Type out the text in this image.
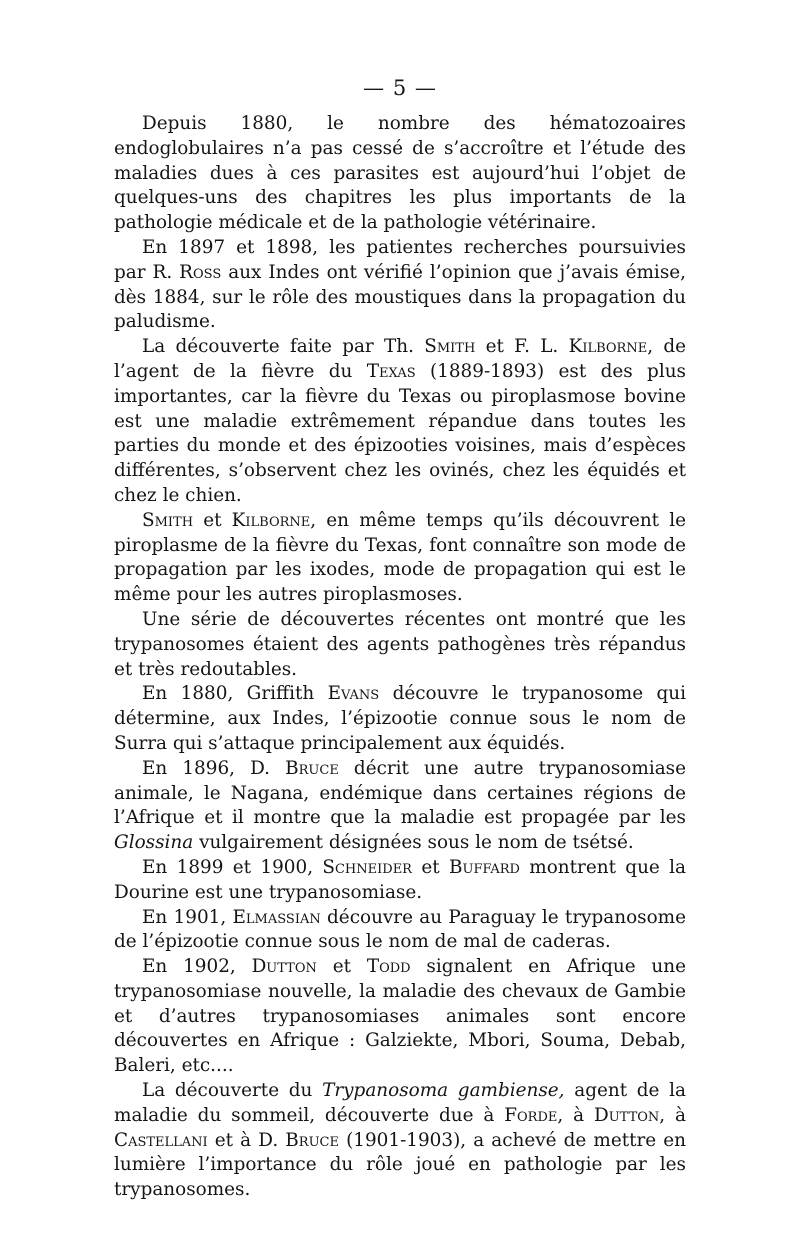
— 5 —

Depuis 1880, le nombre des hématozoaires endoglobulaires n’a pas cessé de s’accroître et l’étude des maladies dues à ces parasites est aujourd’hui l’objet de quelques-uns des chapitres les plus importants de la pathologie médicale et de la pathologie vétérinaire.

En 1897 et 1898, les patientes recherches poursuivies par R. Ross aux Indes ont vérifié l’opinion que j’avais émise, dès 1884, sur le rôle des moustiques dans la propagation du paludisme.

La découverte faite par Th. Smith et F. L. Kilborne, de l’agent de la fièvre du Texas (1889-1893) est des plus importantes, car la fièvre du Texas ou piroplasmose bovine est une maladie extrêmement répandue dans toutes les parties du monde et des épizooties voisines, mais d’espèces différentes, s’observent chez les ovinés, chez les équidés et chez le chien.

Smith et Kilborne, en même temps qu’ils découvrent le piroplasme de la fièvre du Texas, font connaître son mode de propagation par les ixodes, mode de propagation qui est le même pour les autres piroplasmoses.

Une série de découvertes récentes ont montré que les trypanosomes étaient des agents pathogènes très répandus et très redoutables.

En 1880, Griffith Evans découvre le trypanosome qui détermine, aux Indes, l’épizootie connue sous le nom de Surra qui s’attaque principalement aux équidés.

En 1896, D. Bruce décrit une autre trypanosomiase animale, le Nagana, endémique dans certaines régions de l’Afrique et il montre que la maladie est propagée par les Glossina vulgairement désignées sous le nom de tsétsé.

En 1899 et 1900, Schneider et Buffard montrent que la Dourine est une trypanosomiase.

En 1901, Elmassian découvre au Paraguay le trypanosome de l’épizootie connue sous le nom de mal de caderas.

En 1902, Dutton et Todd signalent en Afrique une trypanosomiase nouvelle, la maladie des chevaux de Gambie et d’autres trypanosomiases animales sont encore découvertes en Afrique : Galziekte, Mbori, Souma, Debab, Baleri, etc....

La découverte du Trypanosoma gambiense, agent de la maladie du sommeil, découverte due à Forde, à Dutton, à Castellani et à D. Bruce (1901-1903), a achevé de mettre en lumière l’importance du rôle joué en pathologie par les trypanosomes.
